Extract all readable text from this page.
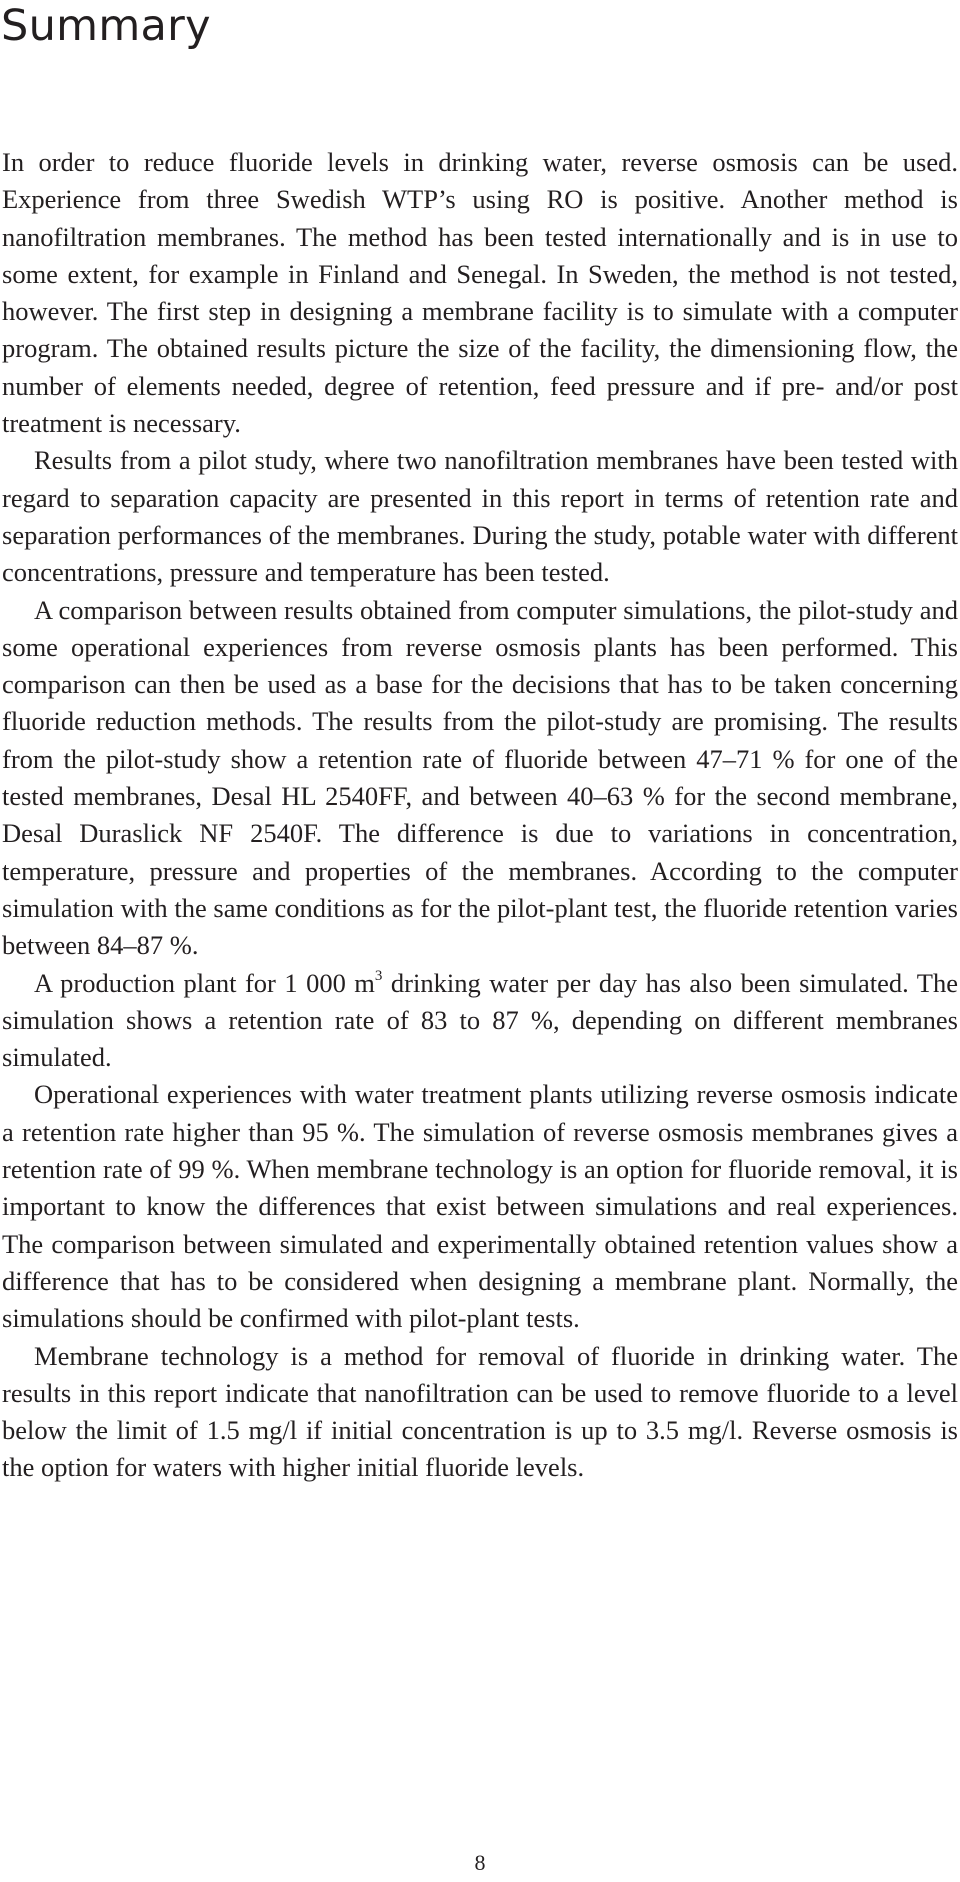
Summary

In order to reduce fluoride levels in drinking water, reverse osmosis can be used. Experience from three Swedish WTP’s using RO is positive. Another method is nanofiltration membranes. The method has been tested internationally and is in use to some extent, for example in Finland and Senegal. In Sweden, the method is not tested, however. The first step in designing a membrane facility is to simulate with a computer program. The obtained results picture the size of the facility, the dimensioning flow, the number of elements needed, degree of retention, feed pressure and if pre- and/or post treatment is necessary.

Results from a pilot study, where two nanofiltration membranes have been tested with regard to separation capacity are presented in this report in terms of retention rate and separation performances of the membranes. During the study, potable water with different concentrations, pressure and temperature has been tested.

A comparison between results obtained from computer simulations, the pilot-study and some operational experiences from reverse osmosis plants has been performed. This comparison can then be used as a base for the decisions that has to be taken concerning fluoride reduction methods. The results from the pilot-study are promising. The results from the pilot-study show a retention rate of fluoride between 47–71 % for one of the tested membranes, Desal HL 2540FF, and between 40–63 % for the second membrane, Desal Duraslick NF 2540F. The difference is due to variations in concentration, temperature, pressure and properties of the membranes. According to the computer simulation with the same conditions as for the pilot-plant test, the fluoride retention varies between 84–87 %.

A production plant for 1 000 $m^3$ drinking water per day has also been simulated. The simulation shows a retention rate of 83 to 87 %, depending on different membranes simulated.

Operational experiences with water treatment plants utilizing reverse osmosis indicate a retention rate higher than 95 %. The simulation of reverse osmosis membranes gives a retention rate of 99 %. When membrane technology is an option for fluoride removal, it is important to know the differences that exist between simulations and real experiences. The comparison between simulated and experimentally obtained retention values show a difference that has to be considered when designing a membrane plant. Normally, the simulations should be confirmed with pilot-plant tests.

Membrane technology is a method for removal of fluoride in drinking water. The results in this report indicate that nanofiltration can be used to remove fluoride to a level below the limit of 1.5 mg/l if initial concentration is up to 3.5 mg/l. Reverse osmosis is the option for waters with higher initial fluoride levels.

8
